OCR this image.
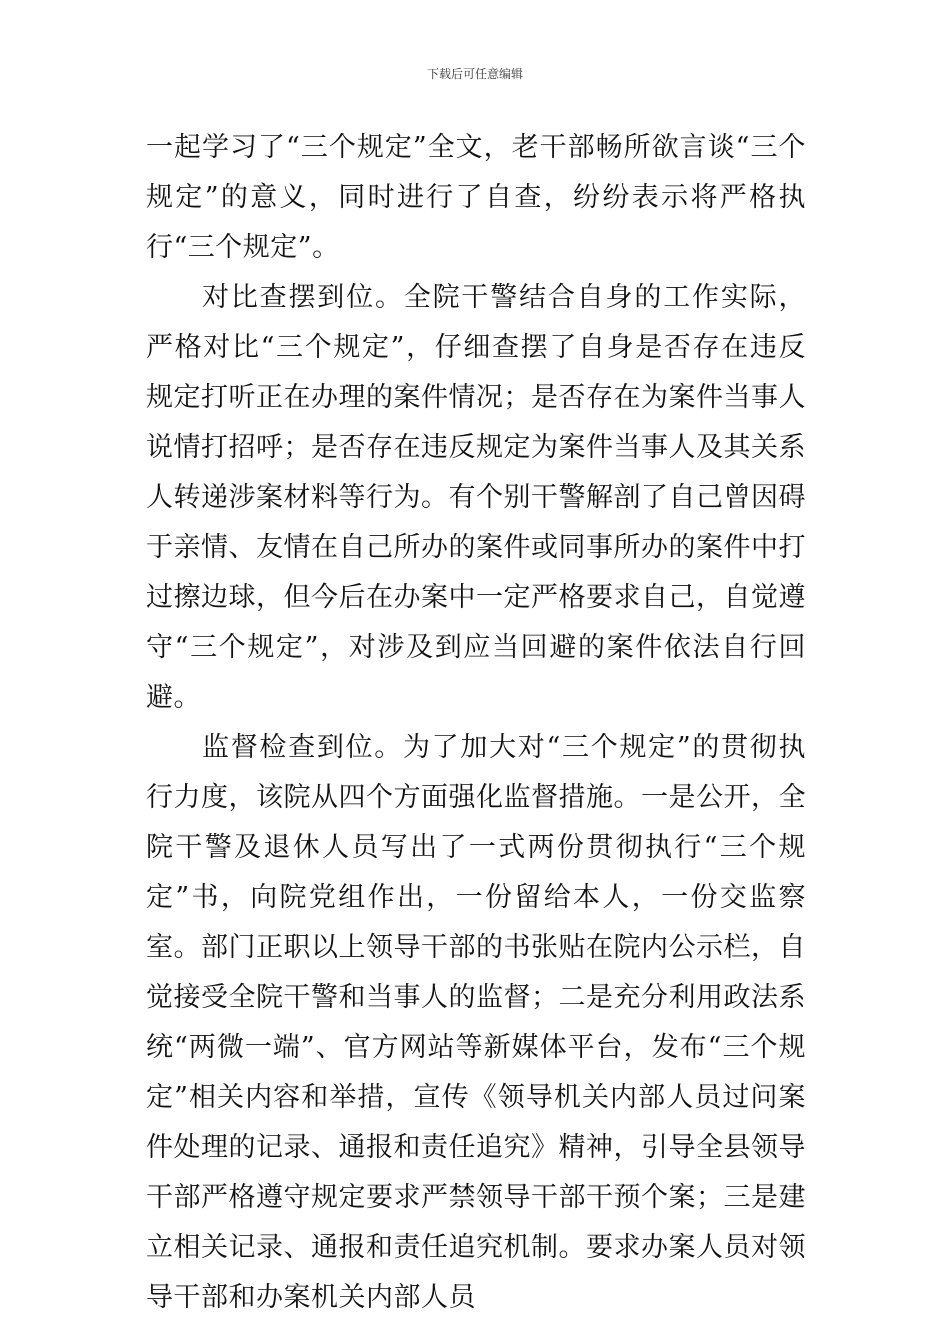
下载后可任意编辑

一起学习了“三个规定”全文，老干部畅所欲言谈“三个规定”的意义，同时进行了自查，纷纷表示将严格执行“三个规定”。

对比查摆到位。全院干警结合自身的工作实际，严格对比“三个规定”，仔细查摆了自身是否存在违反规定打听正在办理的案件情况；是否存在为案件当事人说情打招呼；是否存在违反规定为案件当事人及其关系人转递涉案材料等行为。有个别干警解剖了自己曾因碍于亲情、友情在自己所办的案件或同事所办的案件中打过擦边球，但今后在办案中一定严格要求自己，自觉遵守“三个规定”，对涉及到应当回避的案件依法自行回避。

监督检查到位。为了加大对“三个规定”的贯彻执行力度，该院从四个方面强化监督措施。一是公开，全院干警及退休人员写出了一式两份贯彻执行“三个规定”书，向院党组作出，一份留给本人，一份交监察室。部门正职以上领导干部的书张贴在院内公示栏，自觉接受全院干警和当事人的监督；二是充分利用政法系统“两微一端”、官方网站等新媒体平台，发布“三个规定”相关内容和举措，宣传《领导机关内部人员过问案件处理的记录、通报和责任追究》精神，引导全县领导干部严格遵守规定要求严禁领导干部干预个案；三是建立相关记录、通报和责任追究机制。要求办案人员对领导干部和办案机关内部人员
